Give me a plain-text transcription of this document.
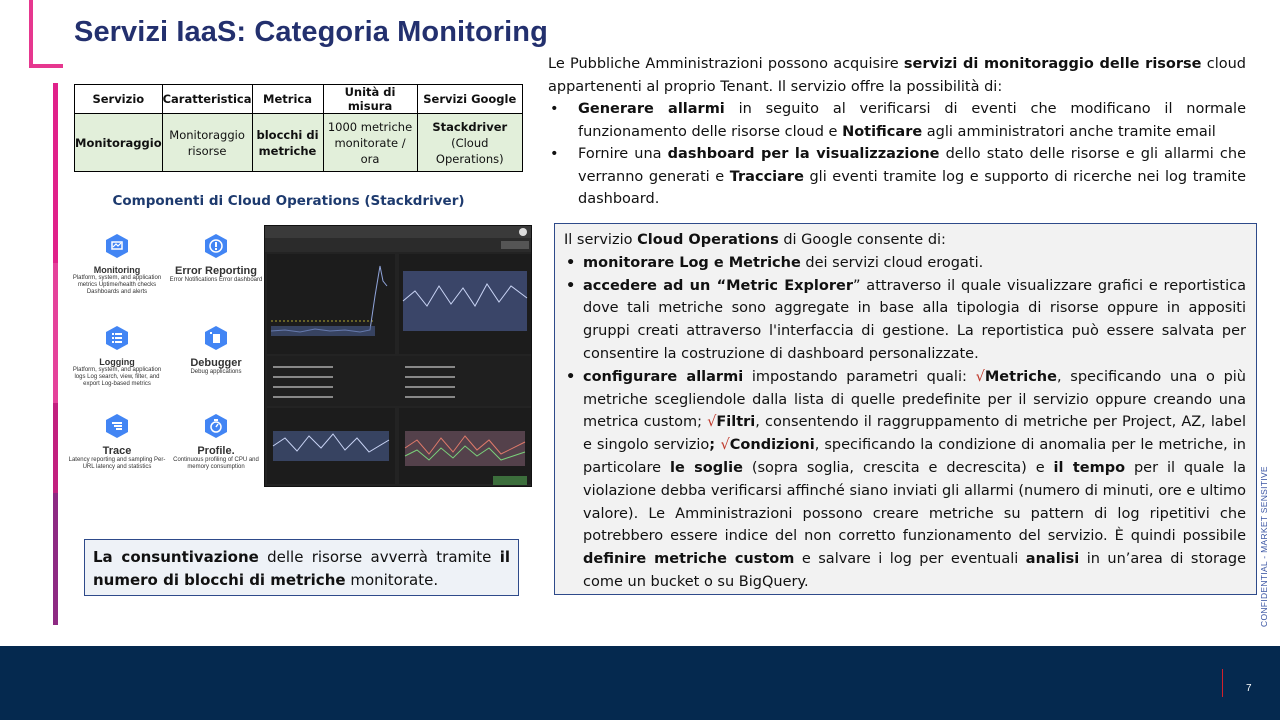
Servizi IaaS: Categoria Monitoring
Servizio	Caratteristica	Metrica	Unità di misura	Servizi Google
Monitoraggio	Monitoraggio risorse	blocchi di metriche	1000 metriche monitorate / ora	Stackdriver (Cloud Operations)
Componenti di Cloud Operations (Stackdriver)
Monitoring
Platform, system, and application metrics Uptime/health checks Dashboards and alerts
Error Reporting
Error Notifications Error dashboard
Logging
Platform, system, and application logs Log search, view, filter, and export Log-based metrics
Debugger
Debug applications
Trace
Latency reporting and sampling Per-URL latency and statistics
Profile.
Continuous profiling of CPU and memory consumption
La consuntivazione delle risorse avverrà tramite il numero di blocchi di metriche monitorate.

Le Pubbliche Amministrazioni possono acquisire servizi di monitoraggio delle risorse cloud appartenenti al proprio Tenant. Il servizio offre la possibilità di:

• Generare allarmi in seguito al verificarsi di eventi che modificano il normale funzionamento delle risorse cloud e Notificare agli amministratori anche tramite email
• Fornire una dashboard per la visualizzazione dello stato delle risorse e gli allarmi che verranno generati e Tracciare gli eventi tramite log e supporto di ricerche nei log tramite dashboard.

Il servizio Cloud Operations di Google consente di:

• monitorare Log e Metriche dei servizi cloud erogati.
• accedere ad un “Metric Explorer” attraverso il quale visualizzare grafici e reportistica dove tali metriche sono aggregate in base alla tipologia di risorse oppure in appositi gruppi creati attraverso l'interfaccia di gestione. La reportistica può essere salvata per consentire la costruzione di dashboard personalizzate.
• configurare allarmi impostando parametri quali: √Metriche, specificando una o più metriche scegliendole dalla lista di quelle predefinite per il servizio oppure creando una metrica custom; √Filtri, consentendo il raggruppamento di metriche per Project, AZ, label e singolo servizio; √Condizioni, specificando la condizione di anomalia per le metriche, in particolare le soglie (sopra soglia, crescita e decrescita) e il tempo per il quale la violazione debba verificarsi affinché siano inviati gli allarmi (numero di minuti, ore e ultimo valore). Le Amministrazioni possono creare metriche su pattern di log ripetitivi che potrebbero essere indice del non corretto funzionamento del servizio. È quindi possibile definire metriche custom e salvare i log per eventuali analisi in un’area di storage come un bucket o su BigQuery.	CONFIDENTIAL - MARKET SENSITIVE
7
